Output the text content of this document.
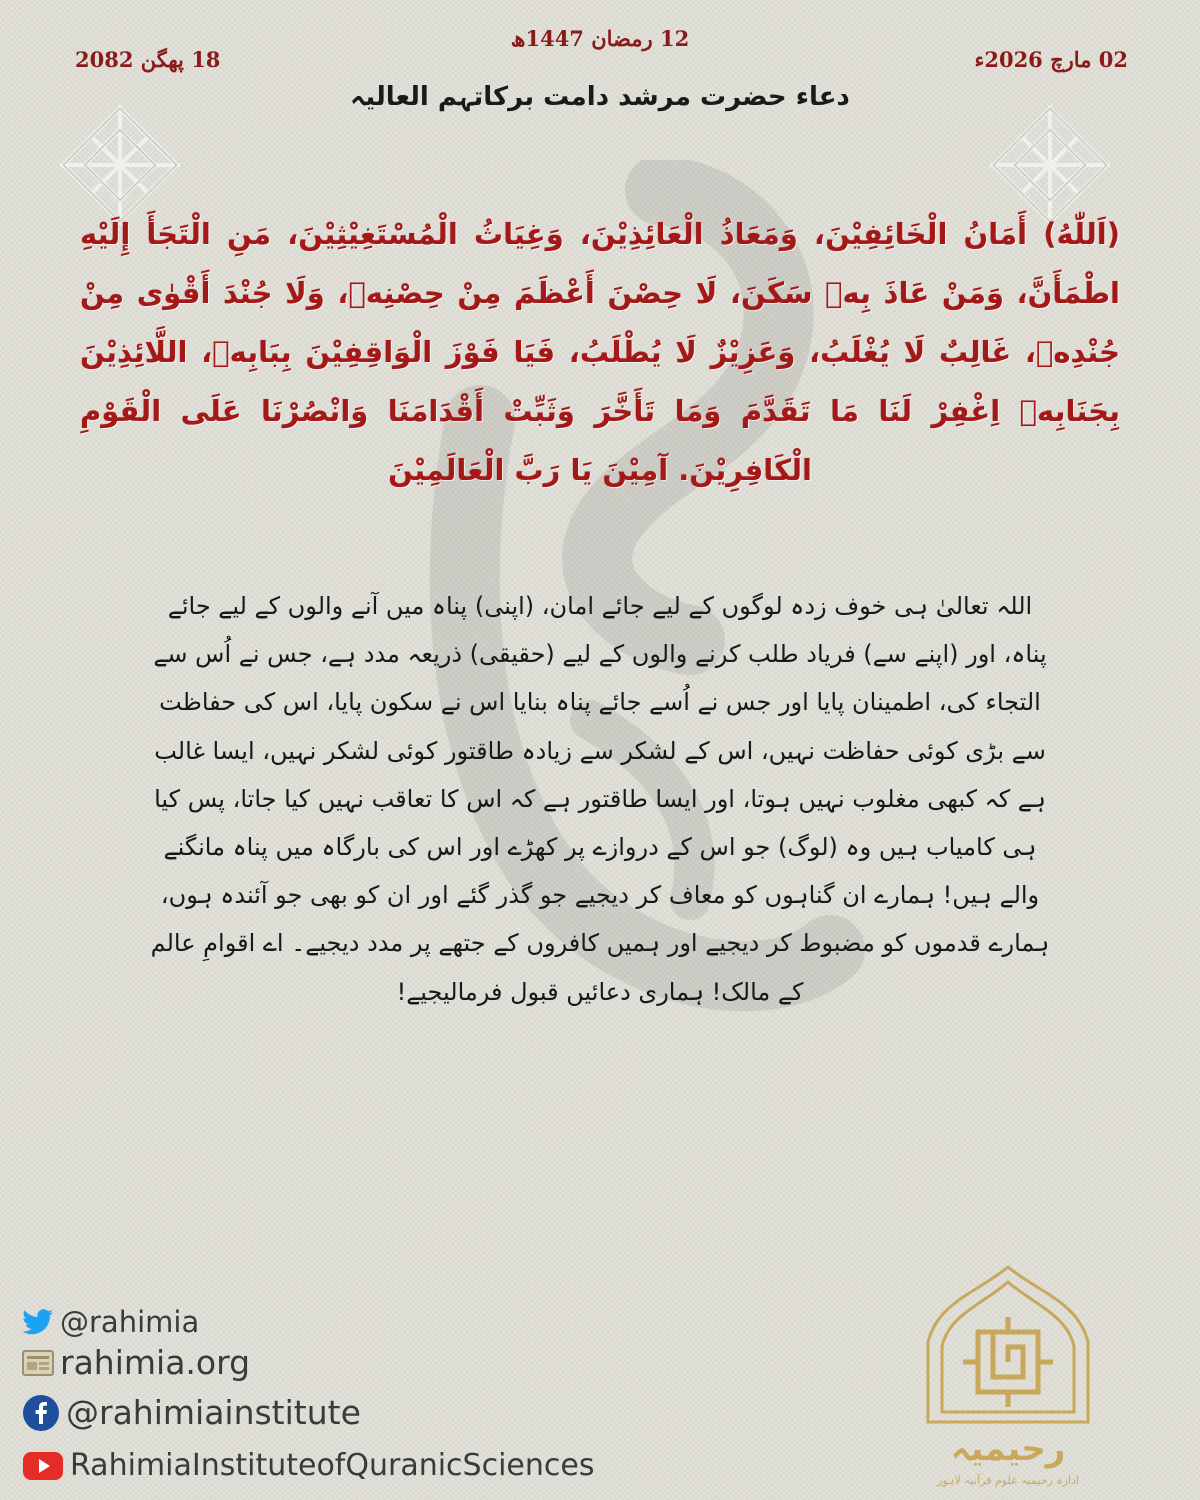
12 رمضان 1447ھ
02 مارچ 2026ء
18 پھگن 2082
دعاء حضرت مرشد دامت برکاتہم العالیہ
(اَللّٰهُ) أَمَانُ الْخَائِفِيْنَ، وَمَعَاذُ الْعَائِذِيْنَ، وَغِيَاثُ الْمُسْتَغِيْثِيْنَ، مَنِ الْتَجَأَ إِلَيْهِ اطْمَأَنَّ، وَمَنْ عَاذَ بِهٖ سَكَنَ، لَا حِصْنَ أَعْظَمَ مِنْ حِصْنِهٖ، وَلَا جُنْدَ أَقْوٰى مِنْ جُنْدِهٖ، غَالِبٌ لَا يُغْلَبُ، وَعَزِيْزٌ لَا يُطْلَبُ، فَيَا فَوْزَ الْوَاقِفِيْنَ بِبَابِهٖ، اللَّائِذِيْنَ بِجَنَابِهٖ اِغْفِرْ لَنَا مَا تَقَدَّمَ وَمَا تَأَخَّرَ وَثَبِّتْ أَقْدَامَنَا وَانْصُرْنَا عَلَى الْقَوْمِ الْكَافِرِيْنَ. آمِيْنَ يَا رَبَّ الْعَالَمِيْنَ
اللہ تعالیٰ ہی خوف زدہ لوگوں کے لیے جائے امان، (اپنی) پناہ میں آنے والوں کے لیے جائے پناہ، اور (اپنے سے) فریاد طلب کرنے والوں کے لیے (حقیقی) ذریعہ مدد ہے، جس نے اُس سے التجاء کی، اطمینان پایا اور جس نے اُسے جائے پناہ بنایا اس نے سکون پایا، اس کی حفاظت سے بڑی کوئی حفاظت نہیں، اس کے لشکر سے زیادہ طاقتور کوئی لشکر نہیں، ایسا غالب ہے کہ کبھی مغلوب نہیں ہوتا، اور ایسا طاقتور ہے کہ اس کا تعاقب نہیں کیا جاتا، پس کیا ہی کامیاب ہیں وہ (لوگ) جو اس کے دروازے پر کھڑے اور اس کی بارگاہ میں پناہ مانگنے والے ہیں! ہمارے ان گناہوں کو معاف کر دیجیے جو گذر گئے اور ان کو بھی جو آئندہ ہوں، ہمارے قدموں کو مضبوط کر دیجیے اور ہمیں کافروں کے جتھے پر مدد دیجیے۔ اے اقوامِ عالم کے مالک! ہماری دعائیں قبول فرمالیجیے!
@rahimia
rahimia.org
@rahimiainstitute
RahimiaInstituteofQuranicSciences	رحیمیہ
ادارہ رحیمیہ علوم قرآنیہ لاہور
